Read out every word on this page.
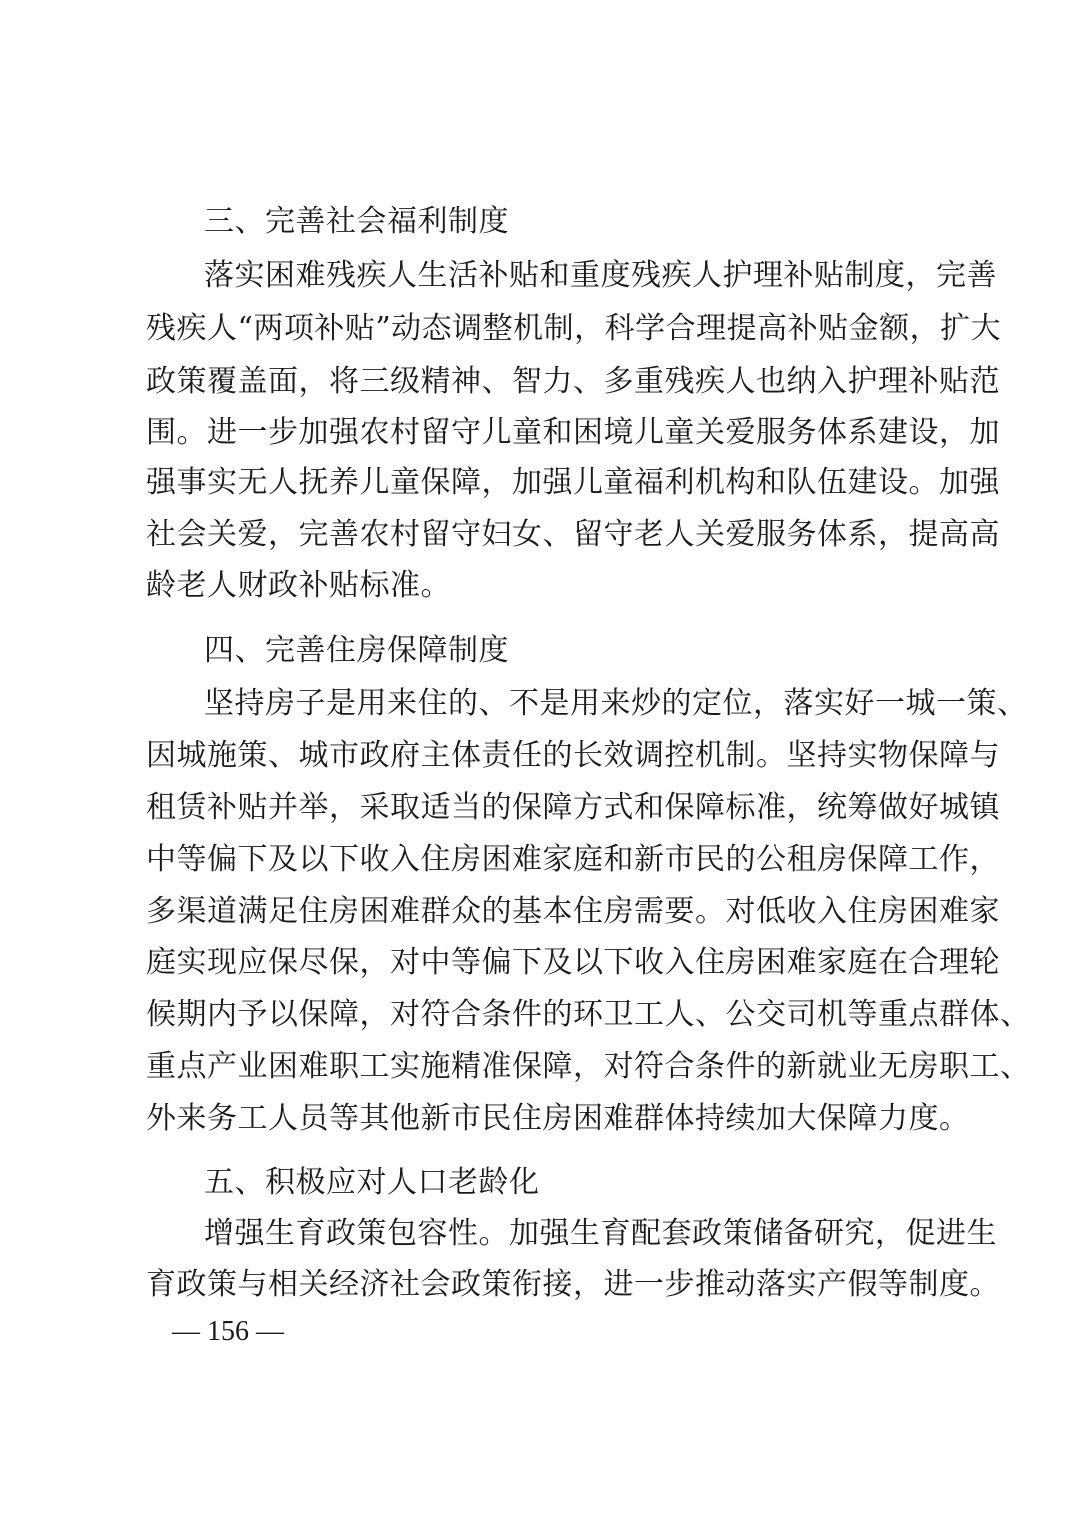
三、完善社会福利制度
落实困难残疾人生活补贴和重度残疾人护理补贴制度，完善
残疾人“两项补贴”动态调整机制，科学合理提高补贴金额，扩大
政策覆盖面，将三级精神、智力、多重残疾人也纳入护理补贴范
围。进一步加强农村留守儿童和困境儿童关爱服务体系建设，加
强事实无人抚养儿童保障，加强儿童福利机构和队伍建设。加强
社会关爱，完善农村留守妇女、留守老人关爱服务体系，提高高
龄老人财政补贴标准。
四、完善住房保障制度
坚持房子是用来住的、不是用来炒的定位，落实好一城一策、
因城施策、城市政府主体责任的长效调控机制。坚持实物保障与
租赁补贴并举，采取适当的保障方式和保障标准，统筹做好城镇
中等偏下及以下收入住房困难家庭和新市民的公租房保障工作，
多渠道满足住房困难群众的基本住房需要。对低收入住房困难家
庭实现应保尽保，对中等偏下及以下收入住房困难家庭在合理轮
候期内予以保障，对符合条件的环卫工人、公交司机等重点群体、
重点产业困难职工实施精准保障，对符合条件的新就业无房职工、
外来务工人员等其他新市民住房困难群体持续加大保障力度。
五、积极应对人口老龄化
增强生育政策包容性。加强生育配套政策储备研究，促进生
育政策与相关经济社会政策衔接，进一步推动落实产假等制度。
— 156 —
